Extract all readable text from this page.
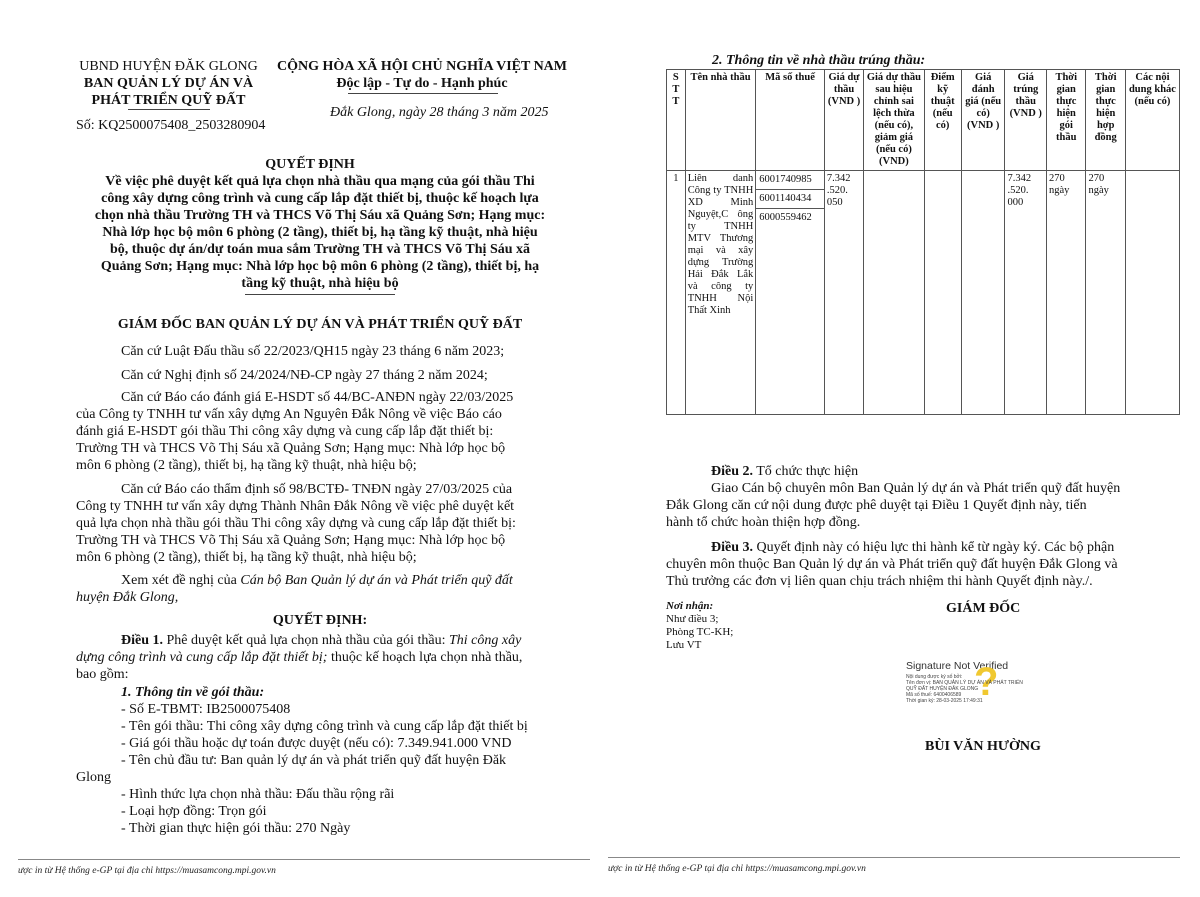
UBND HUYỆN ĐĂK GLONG
BAN QUẢN LÝ DỰ ÁN VÀ
PHÁT TRIỂN QUỸ ĐẤT
Số: KQ2500075408_2503280904
CỘNG HÒA XÃ HỘI CHỦ NGHĨA VIỆT NAM
Độc lập - Tự do - Hạnh phúc
Đắk Glong, ngày 28 tháng 3 năm 2025
QUYẾT ĐỊNH
Về việc phê duyệt kết quả lựa chọn nhà thầu qua mạng của gói thầu Thi
công xây dựng công trình và cung cấp lắp đặt thiết bị, thuộc kế hoạch lựa
chọn nhà thầu Trường TH và THCS Võ Thị Sáu xã Quảng Sơn; Hạng mục:
Nhà lớp học bộ môn 6 phòng (2 tầng), thiết bị, hạ tầng kỹ thuật, nhà hiệu
bộ, thuộc dự án/dự toán mua sắm Trường TH và THCS Võ Thị Sáu xã
Quảng Sơn; Hạng mục: Nhà lớp học bộ môn 6 phòng (2 tầng), thiết bị, hạ
tầng kỹ thuật, nhà hiệu bộ
GIÁM ĐỐC BAN QUẢN LÝ DỰ ÁN VÀ PHÁT TRIỂN QUỸ ĐẤT
Căn cứ Luật Đấu thầu số 22/2023/QH15 ngày 23 tháng 6 năm 2023;
Căn cứ Nghị định số 24/2024/NĐ-CP ngày 27 tháng 2 năm 2024;
Căn cứ Báo cáo đánh giá E-HSDT số 44/BC-ANĐN ngày 22/03/2025
của Công ty TNHH tư vấn xây dựng An Nguyên Đắk Nông về việc Báo cáo
đánh giá E-HSDT gói thầu Thi công xây dựng và cung cấp lắp đặt thiết bị:
Trường TH và THCS Võ Thị Sáu xã Quảng Sơn; Hạng mục: Nhà lớp học bộ
môn 6 phòng (2 tầng), thiết bị, hạ tầng kỹ thuật, nhà hiệu bộ;
Căn cứ Báo cáo thẩm định số 98/BCTĐ- TNĐN ngày 27/03/2025 của
Công ty TNHH tư vấn xây dựng Thành Nhân Đắk Nông về việc phê duyệt kết
quả lựa chọn nhà thầu gói thầu Thi công xây dựng và cung cấp lắp đặt thiết bị:
Trường TH và THCS Võ Thị Sáu xã Quảng Sơn; Hạng mục: Nhà lớp học bộ
môn 6 phòng (2 tầng), thiết bị, hạ tầng kỹ thuật, nhà hiệu bộ;
Xem xét đề nghị của Cán bộ Ban Quản lý dự án và Phát triển quỹ đất
huyện Đắk Glong,
QUYẾT ĐỊNH:
Điều 1. Phê duyệt kết quả lựa chọn nhà thầu của gói thầu: Thi công xây
dựng công trình và cung cấp lắp đặt thiết bị; thuộc kế hoạch lựa chọn nhà thầu,
bao gồm:
1. Thông tin về gói thầu:
- Số E-TBMT: IB2500075408
- Tên gói thầu: Thi công xây dựng công trình và cung cấp lắp đặt thiết bị
- Giá gói thầu hoặc dự toán được duyệt (nếu có): 7.349.941.000 VND
- Tên chủ đầu tư: Ban quản lý dự án và phát triển quỹ đất huyện Đăk
Glong
- Hình thức lựa chọn nhà thầu: Đấu thầu rộng rãi
- Loại hợp đồng: Trọn gói
- Thời gian thực hiện gói thầu: 270 Ngày
ược in từ Hệ thống e-GP tại địa chỉ https://muasamcong.mpi.gov.vn
2. Thông tin về nhà thầu trúng thầu:
S T T	Tên nhà thầu	Mã số thuế	Giá dự thầu (VND )	Giá dự thầu sau hiệu chỉnh sai lệch thừa (nếu có), giảm giá (nếu có) (VND)	Điểm kỹ thuật (nếu có)	Giá đánh giá (nếu có) (VND )	Giá trúng thầu (VND )	Thời gian thực hiện gói thầu	Thời gian thực hiện hợp đồng	Các nội dung khác (nếu có)
1	Liên danh Công ty TNHH XD Minh Nguyệt,C ông ty TNHH MTV Thương mại và xây dựng Trường Hải Đắk Lắk và công ty TNHH Nội Thất Xinh	6001740985
6001140434
6000559462	7.342 .520. 050				7.342 .520. 000	270 ngày	270 ngày	
Điều 2. Tổ chức thực hiện
Giao Cán bộ chuyên môn Ban Quản lý dự án và Phát triển quỹ đất huyện
Đắk Glong căn cứ nội dung được phê duyệt tại Điều 1 Quyết định này, tiến
hành tổ chức hoàn thiện hợp đồng.
Điều 3. Quyết định này có hiệu lực thi hành kể từ ngày ký. Các bộ phận
chuyên môn thuộc Ban Quản lý dự án và Phát triển quỹ đất huyện Đắk Glong và
Thủ trưởng các đơn vị liên quan chịu trách nhiệm thi hành Quyết định này./.
Nơi nhận:
Như điều 3;
Phòng TC-KH;
Lưu VT
GIÁM ĐỐC
Signature Not Verified
?
Nội dung được ký số bởi:
Tên đơn vị: BAN QUẢN LÝ DỰ ÁN VÀ PHÁT TRIỂN
QUỸ ĐẤT HUYỆN ĐĂK GLONG
Mã số thuế: 6400406589
Thời gian ký: 28-03-2025 17:49:31
BÙI VĂN HƯỜNG
ược in từ Hệ thống e-GP tại địa chỉ https://muasamcong.mpi.gov.vn
